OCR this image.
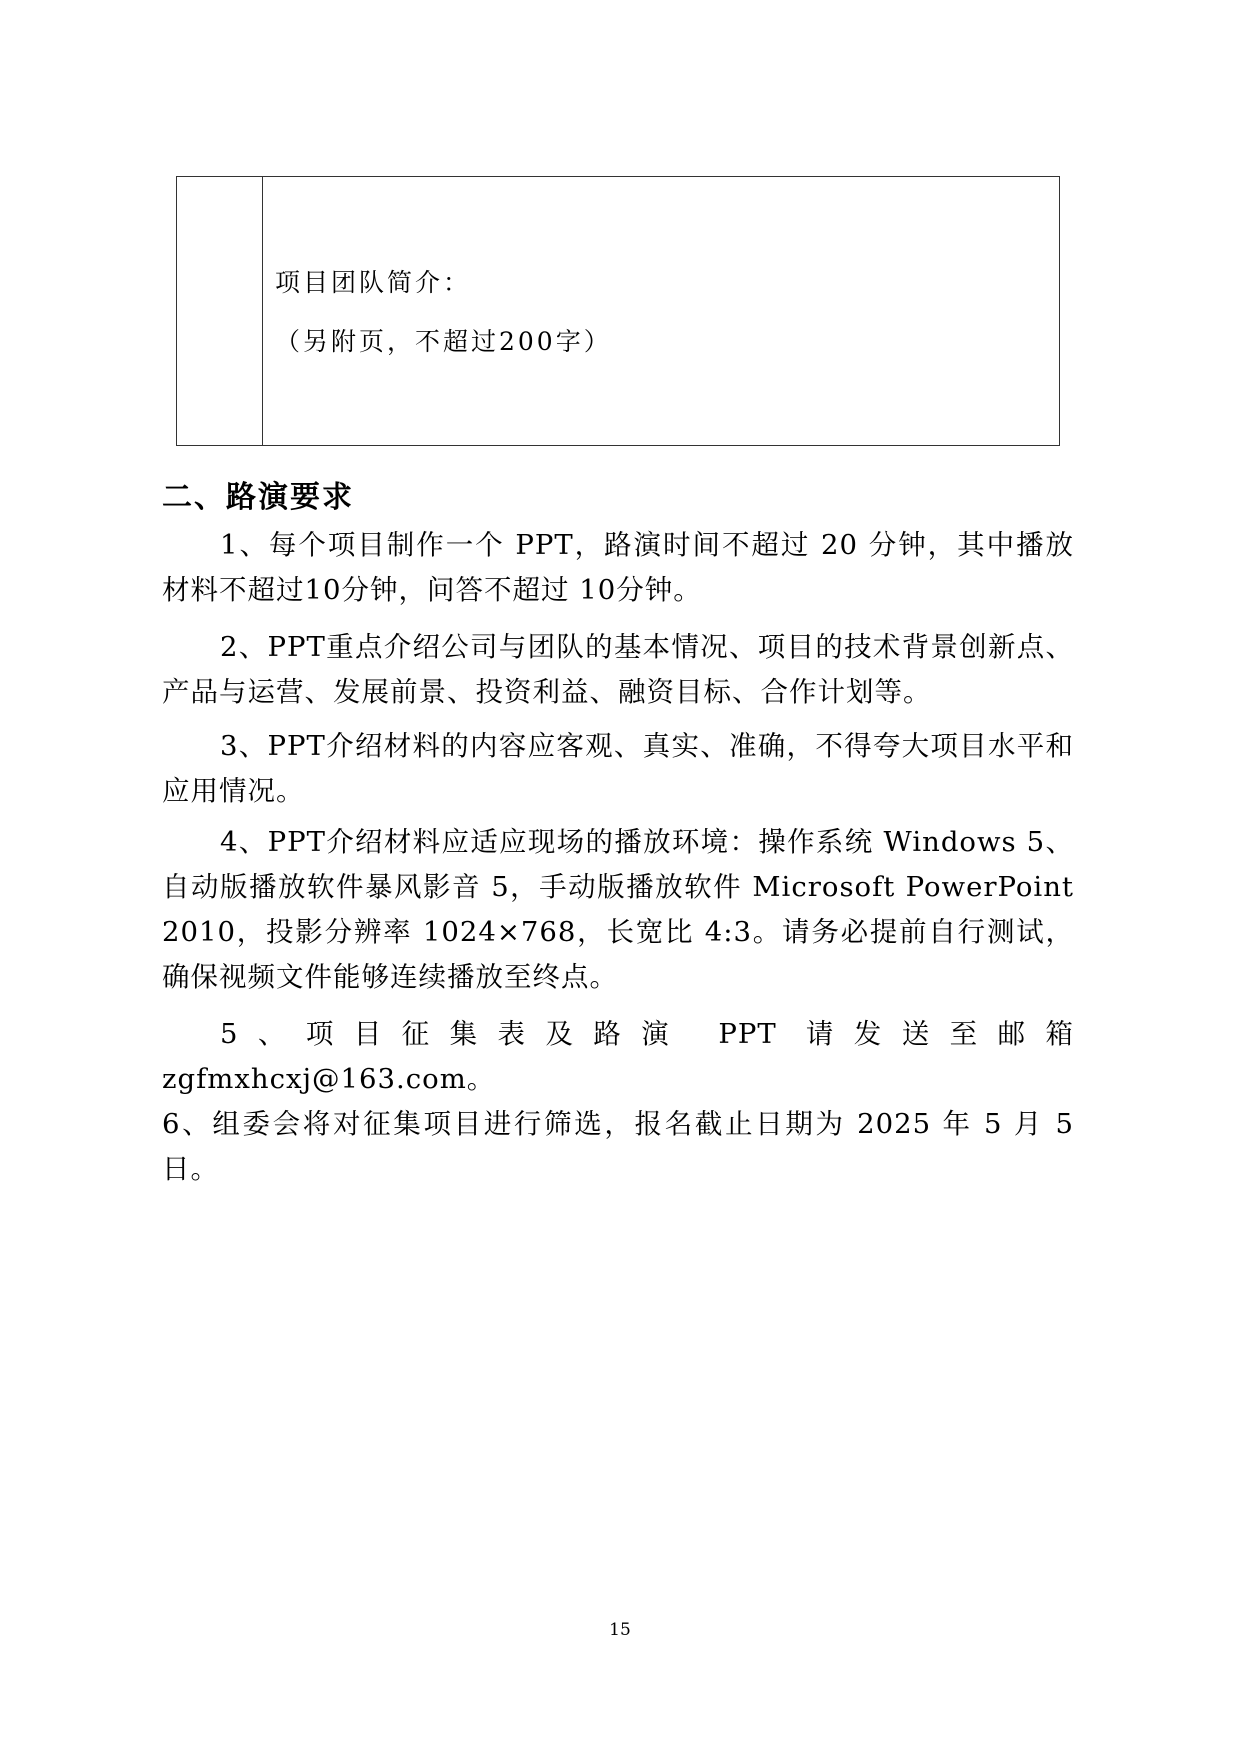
项目团队简介：
（另附页，不超过200字）
二、路演要求
1、每个项目制作一个 PPT，路演时间不超过 20 分钟，其中播放材料不超过10分钟，问答不超过 10分钟。
2、PPT重点介绍公司与团队的基本情况、项目的技术背景创新点、产品与运营、发展前景、投资利益、融资目标、合作计划等。
3、PPT介绍材料的内容应客观、真实、准确，不得夸大项目水平和应用情况。
4、PPT介绍材料应适应现场的播放环境：操作系统 Windows 5、自动版播放软件暴风影音 5，手动版播放软件 Microsoft PowerPoint 2010，投影分辨率 1024×768，长宽比 4:3。请务必提前自行测试，确保视频文件能够连续播放至终点。
5、项目征集表及路演 PPT 请发送至邮箱 zgfmxhcxj@163.com。
6、组委会将对征集项目进行筛选，报名截止日期为 2025 年 5 月 5 日。
15
